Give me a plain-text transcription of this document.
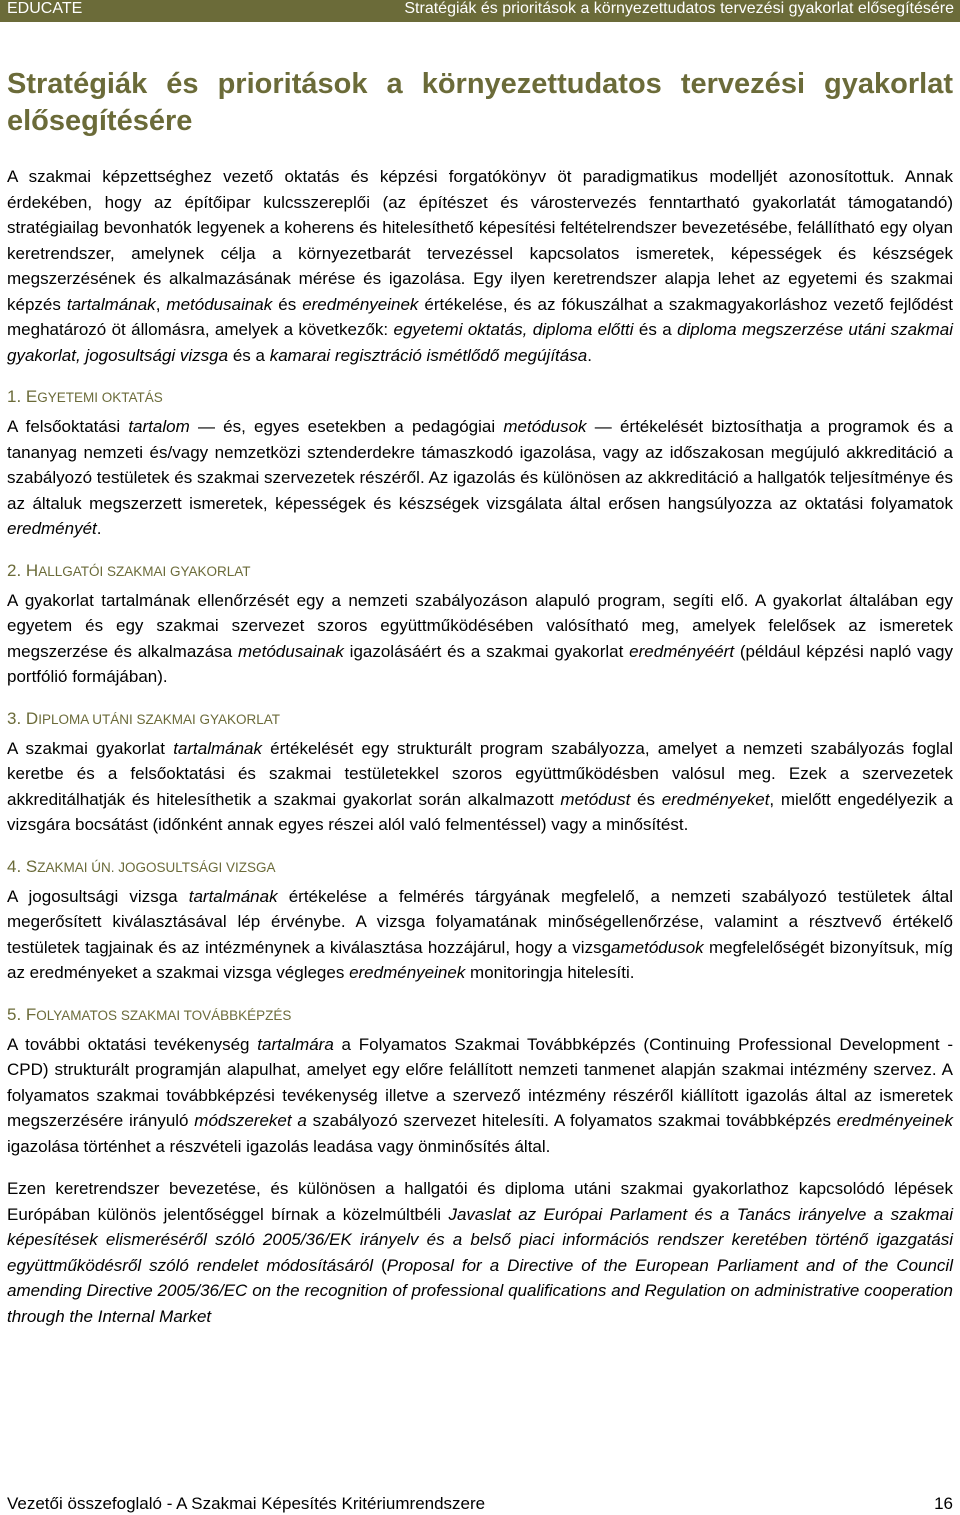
EDUCATE	Stratégiák és prioritások a környezettudatos tervezési gyakorlat elősegítésére
Stratégiák és prioritások a környezettudatos tervezési gyakorlat elősegítésére

A szakmai képzettséghez vezető oktatás és képzési forgatókönyv öt paradigmatikus modelljét azonosítottuk. Annak érdekében, hogy az építőipar kulcsszereplői (az építészet és várostervezés fenntartható gyakorlatát támogatandó) stratégiailag bevonhatók legyenek a koherens és hitelesíthető képesítési feltételrendszer bevezetésébe, felállítható egy olyan keretrendszer, amelynek célja a környezetbarát tervezéssel kapcsolatos ismeretek, képességek és készségek megszerzésének és alkalmazásának mérése és igazolása. Egy ilyen keretrendszer alapja lehet az egyetemi és szakmai képzés tartalmának, metódusainak és eredményeinek értékelése, és az fókuszálhat a szakmagyakorláshoz vezető fejlődést meghatározó öt állomásra, amelyek a következők: egyetemi oktatás, diploma előtti és a diploma megszerzése utáni szakmai gyakorlat, jogosultsági vizsga és a kamarai regisztráció ismétlődő megújítása.

1. EGYETEMI OKTATÁS

A felsőoktatási tartalom — és, egyes esetekben a pedagógiai metódusok — értékelését biztosíthatja a programok és a tananyag nemzeti és/vagy nemzetközi sztenderdekre támaszkodó igazolása, vagy az időszakosan megújuló akkreditáció a szabályozó testületek és szakmai szervezetek részéről. Az igazolás és különösen az akkreditáció a hallgatók teljesítménye és az általuk megszerzett ismeretek, képességek és készségek vizsgálata által erősen hangsúlyozza az oktatási folyamatok eredményét.

2. HALLGATÓI SZAKMAI GYAKORLAT

A gyakorlat tartalmának ellenőrzését egy a nemzeti szabályozáson alapuló program, segíti elő. A gyakorlat általában egy egyetem és egy szakmai szervezet szoros együttműködésében valósítható meg, amelyek felelősek az ismeretek megszerzése és alkalmazása metódusainak igazolásáért és a szakmai gyakorlat eredményéért (például képzési napló vagy portfólió formájában).

3. DIPLOMA UTÁNI SZAKMAI GYAKORLAT

A szakmai gyakorlat tartalmának értékelését egy strukturált program szabályozza, amelyet a nemzeti szabályozás foglal keretbe és a felsőoktatási és szakmai testületekkel szoros együttműködésben valósul meg. Ezek a szervezetek akkreditálhatják és hitelesíthetik a szakmai gyakorlat során alkalmazott metódust és eredményeket, mielőtt engedélyezik a vizsgára bocsátást (időnként annak egyes részei alól való felmentéssel) vagy a minősítést.

4. SZAKMAI ÚN. JOGOSULTSÁGI VIZSGA

A jogosultsági vizsga tartalmának értékelése a felmérés tárgyának megfelelő, a nemzeti szabályozó testületek által megerősített kiválasztásával lép érvénybe. A vizsga folyamatának minőségellenőrzése, valamint a résztvevő értékelő testületek tagjainak és az intézménynek a kiválasztása hozzájárul, hogy a vizsgametódusok megfelelőségét bizonyítsuk, míg az eredményeket a szakmai vizsga végleges eredményeinek monitoringja hitelesíti.

5. FOLYAMATOS SZAKMAI TOVÁBBKÉPZÉS

A további oktatási tevékenység tartalmára a Folyamatos Szakmai Továbbképzés (Continuing Professional Development - CPD) strukturált programján alapulhat, amelyet egy előre felállított nemzeti tanmenet alapján szakmai intézmény szervez. A folyamatos szakmai továbbképzési tevékenység illetve a szervező intézmény részéről kiállított igazolás által az ismeretek megszerzésére irányuló módszereket a szabályozó szervezet hitelesíti. A folyamatos szakmai továbbképzés eredményeinek igazolása történhet a részvételi igazolás leadása vagy önminősítés által.

Ezen keretrendszer bevezetése, és különösen a hallgatói és diploma utáni szakmai gyakorlathoz kapcsolódó lépések Európában különös jelentőséggel bírnak a közelmúltbéli Javaslat az Európai Parlament és a Tanács irányelve a szakmai képesítések elismeréséről szóló 2005/36/EK irányelv és a belső piaci információs rendszer keretében történő igazgatási együttműködésről szóló rendelet módosításáról (Proposal for a Directive of the European Parliament and of the Council amending Directive 2005/36/EC on the recognition of professional qualifications and Regulation on administrative cooperation through the Internal Market

Vezetői összefoglaló - A Szakmai Képesítés Kritériumrendszere	16
